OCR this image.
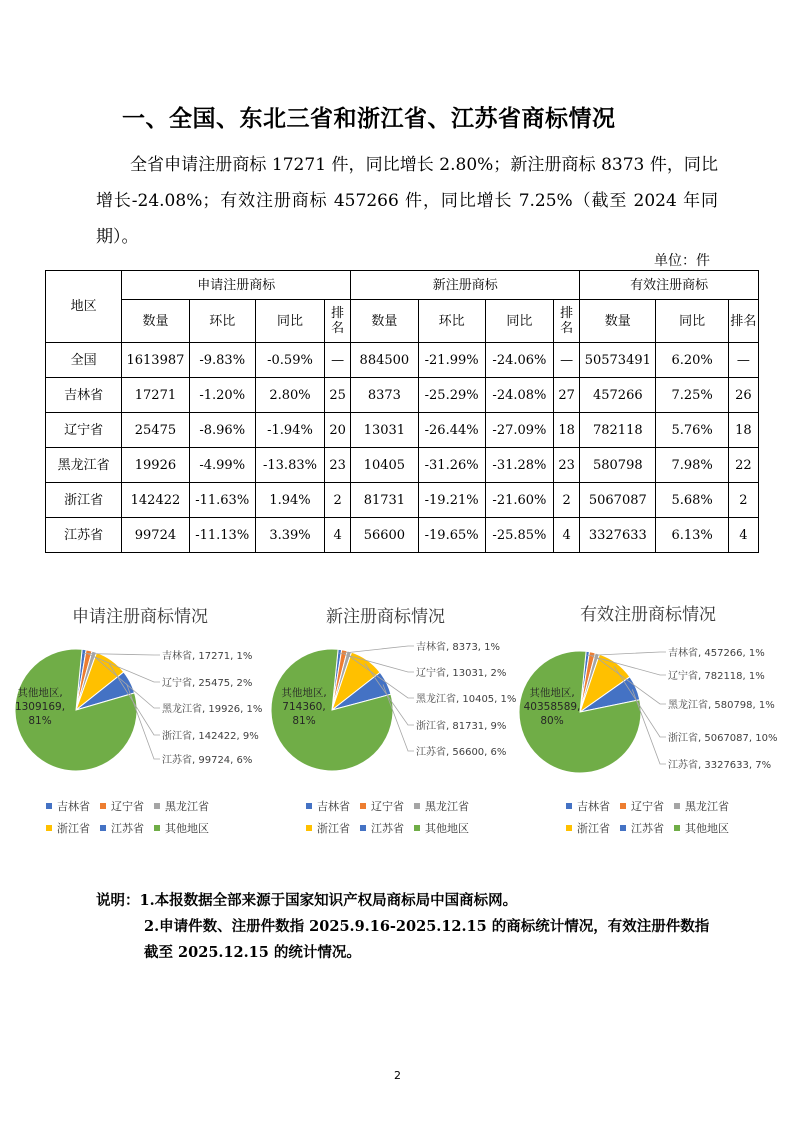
一、全国、东北三省和浙江省、江苏省商标情况
全省申请注册商标 17271 件，同比增长 2.80%；新注册商标 8373 件，同比增长-24.08%；有效注册商标 457266 件，同比增长 7.25%（截至 2024 年同期）。
单位：件
地区	申请注册商标	新注册商标	有效注册商标
数量	环比	同比	排名	数量	环比	同比	排名	数量	同比	排名
全国	1613987	-9.83%	-0.59%	—	884500	-21.99%	-24.06%	—	50573491	6.20%	—
吉林省	17271	-1.20%	2.80%	25	8373	-25.29%	-24.08%	27	457266	7.25%	26
辽宁省	25475	-8.96%	-1.94%	20	13031	-26.44%	-27.09%	18	782118	5.76%	18
黑龙江省	19926	-4.99%	-13.83%	23	10405	-31.26%	-31.28%	23	580798	7.98%	22
浙江省	142422	-11.63%	1.94%	2	81731	-19.21%	-21.60%	2	5067087	5.68%	2
江苏省	99724	-11.13%	3.39%	4	56600	-19.65%	-25.85%	4	3327633	6.13%	4
申请注册商标情况
吉林省, 17271, 1%
辽宁省, 25475, 2%
黑龙江省, 19926, 1%
浙江省, 142422, 9%
江苏省, 99724, 6%
其他地区,
1309169,
81%
吉林省 辽宁省 黑龙江省
浙江省 江苏省 其他地区
新注册商标情况
吉林省, 8373, 1%
辽宁省, 13031, 2%
黑龙江省, 10405, 1%
浙江省, 81731, 9%
江苏省, 56600, 6%
其他地区,
714360,
81%
吉林省 辽宁省 黑龙江省
浙江省 江苏省 其他地区
有效注册商标情况
吉林省, 457266, 1%
辽宁省, 782118, 1%
黑龙江省, 580798, 1%
浙江省, 5067087, 10%
江苏省, 3327633, 7%
其他地区,
40358589,
80%
吉林省 辽宁省 黑龙江省
浙江省 江苏省 其他地区
说明：1.本报数据全部来源于国家知识产权局商标局中国商标网。
2.申请件数、注册件数指 2025.9.16-2025.12.15 的商标统计情况，有效注册件数指
截至 2025.12.15 的统计情况。
2
